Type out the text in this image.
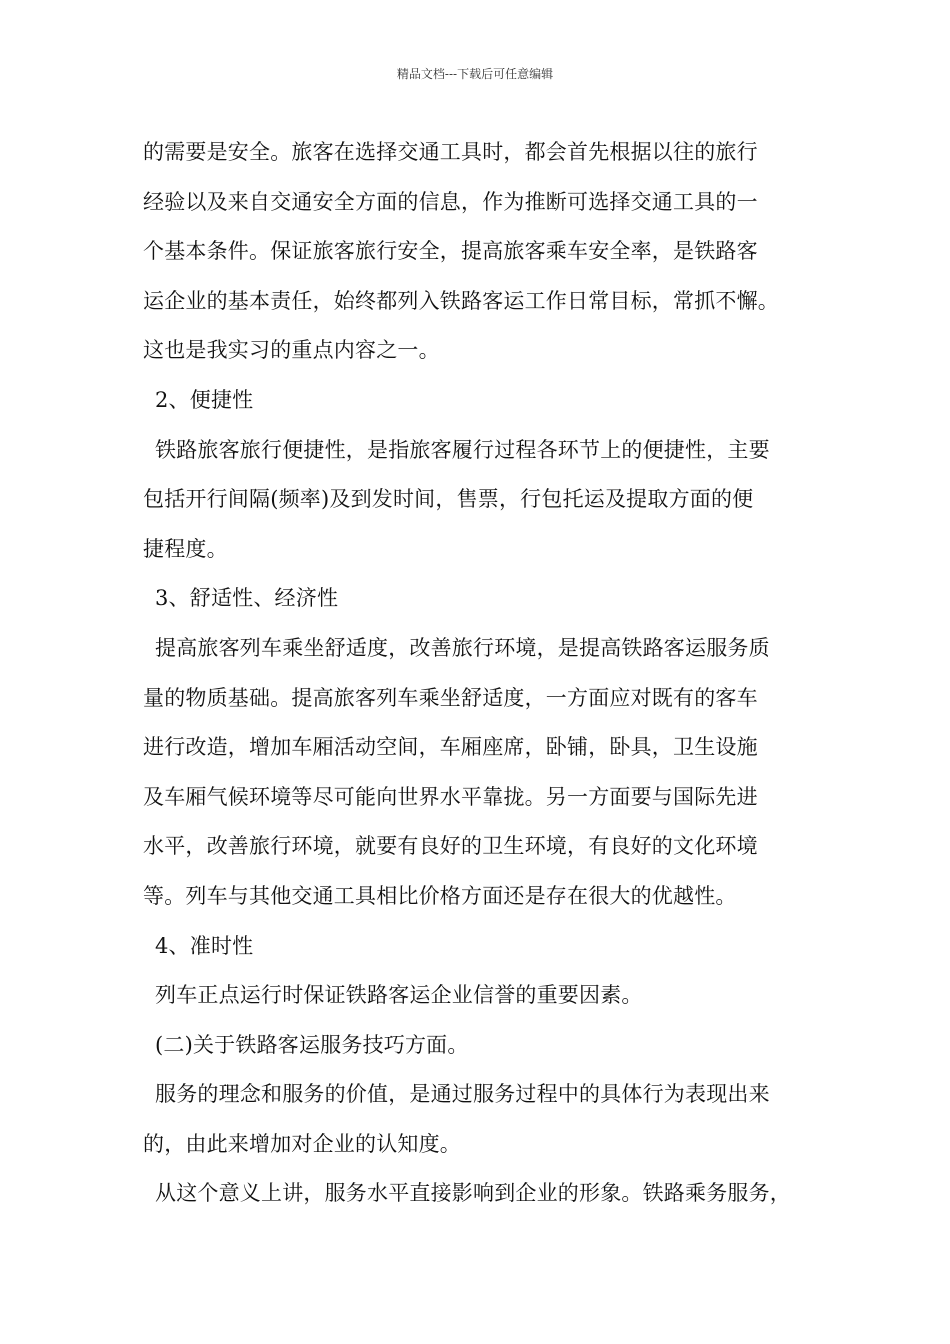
精品文档---下载后可任意编辑
的需要是安全。旅客在选择交通工具时，都会首先根据以往的旅行
经验以及来自交通安全方面的信息，作为推断可选择交通工具的一
个基本条件。保证旅客旅行安全，提高旅客乘车安全率，是铁路客
运企业的基本责任，始终都列入铁路客运工作日常目标，常抓不懈。
这也是我实习的重点内容之一。
2、便捷性
铁路旅客旅行便捷性，是指旅客履行过程各环节上的便捷性，主要
包括开行间隔(频率)及到发时间，售票，行包托运及提取方面的便
捷程度。
3、舒适性、经济性
提高旅客列车乘坐舒适度，改善旅行环境，是提高铁路客运服务质
量的物质基础。提高旅客列车乘坐舒适度，一方面应对既有的客车
进行改造，增加车厢活动空间，车厢座席，卧铺，卧具，卫生设施
及车厢气候环境等尽可能向世界水平靠拢。另一方面要与国际先进
水平，改善旅行环境，就要有良好的卫生环境，有良好的文化环境
等。列车与其他交通工具相比价格方面还是存在很大的优越性。
4、准时性
列车正点运行时保证铁路客运企业信誉的重要因素。
(二)关于铁路客运服务技巧方面。
服务的理念和服务的价值，是通过服务过程中的具体行为表现出来
的，由此来增加对企业的认知度。
从这个意义上讲，服务水平直接影响到企业的形象。铁路乘务服务，
